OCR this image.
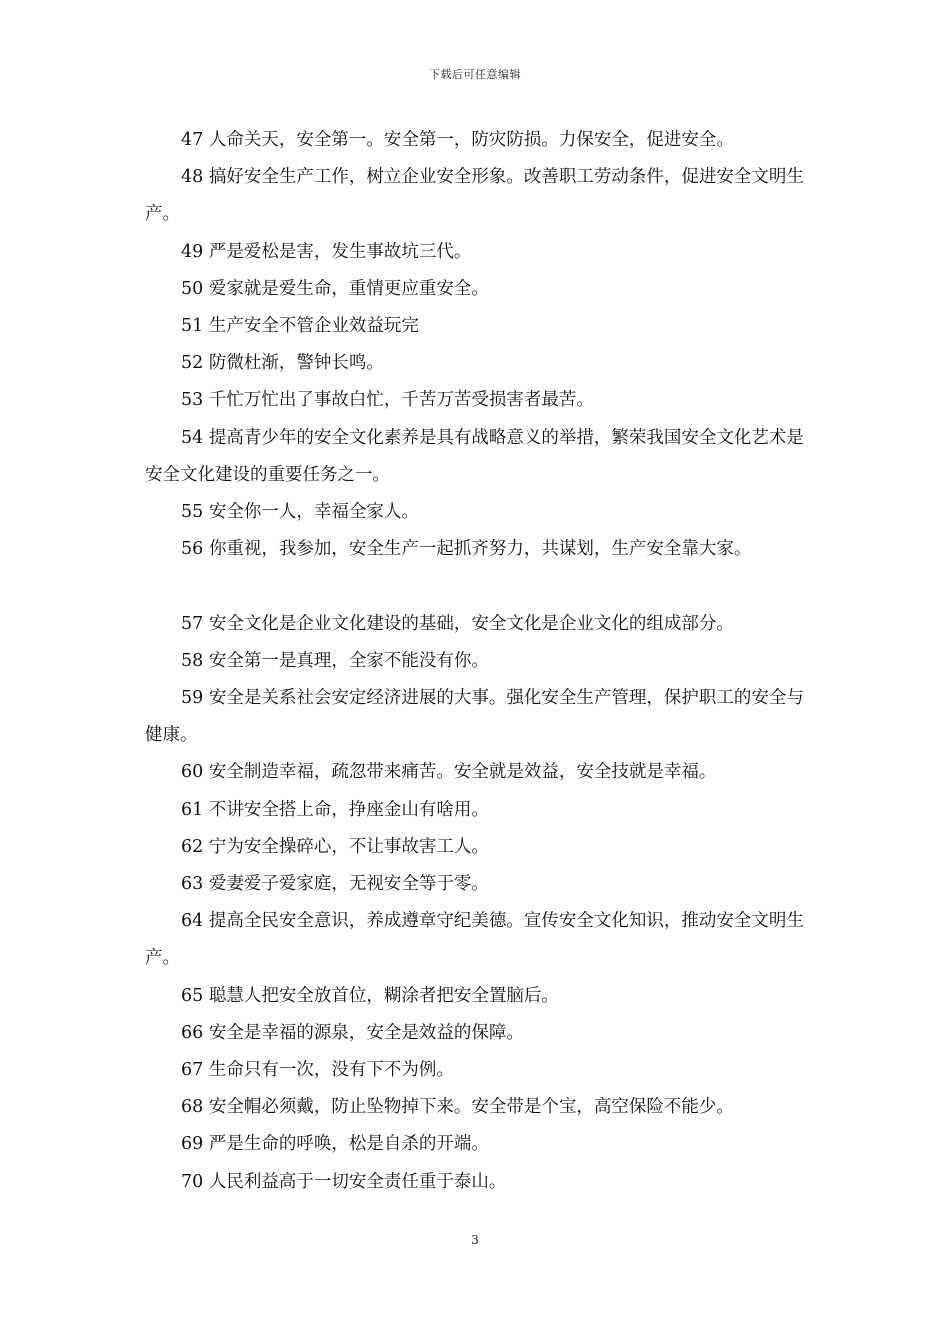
下载后可任意编辑

47 人命关天，安全第一。安全第一，防灾防损。力保安全，促进安全。

48 搞好安全生产工作，树立企业安全形象。改善职工劳动条件，促进安全文明生产。

49 严是爱松是害，发生事故坑三代。

50 爱家就是爱生命，重情更应重安全。

51 生产安全不管企业效益玩完

52 防微杜渐，警钟长鸣。

53 千忙万忙出了事故白忙，千苦万苦受损害者最苦。

54 提高青少年的安全文化素养是具有战略意义的举措，繁荣我国安全文化艺术是安全文化建设的重要任务之一。

55 安全你一人，幸福全家人。

56 你重视，我参加，安全生产一起抓齐努力，共谋划，生产安全靠大家。

57 安全文化是企业文化建设的基础，安全文化是企业文化的组成部分。

58 安全第一是真理，全家不能没有你。

59 安全是关系社会安定经济进展的大事。强化安全生产管理，保护职工的安全与健康。

60 安全制造幸福，疏忽带来痛苦。安全就是效益，安全技就是幸福。

61 不讲安全搭上命，挣座金山有啥用。

62 宁为安全操碎心，不让事故害工人。

63 爱妻爱子爱家庭，无视安全等于零。

64 提高全民安全意识，养成遵章守纪美德。宣传安全文化知识，推动安全文明生产。

65 聪慧人把安全放首位，糊涂者把安全置脑后。

66 安全是幸福的源泉，安全是效益的保障。

67 生命只有一次，没有下不为例。

68 安全帽必须戴，防止坠物掉下来。安全带是个宝，高空保险不能少。

69 严是生命的呼唤，松是自杀的开端。

70 人民利益高于一切安全责任重于泰山。

3
